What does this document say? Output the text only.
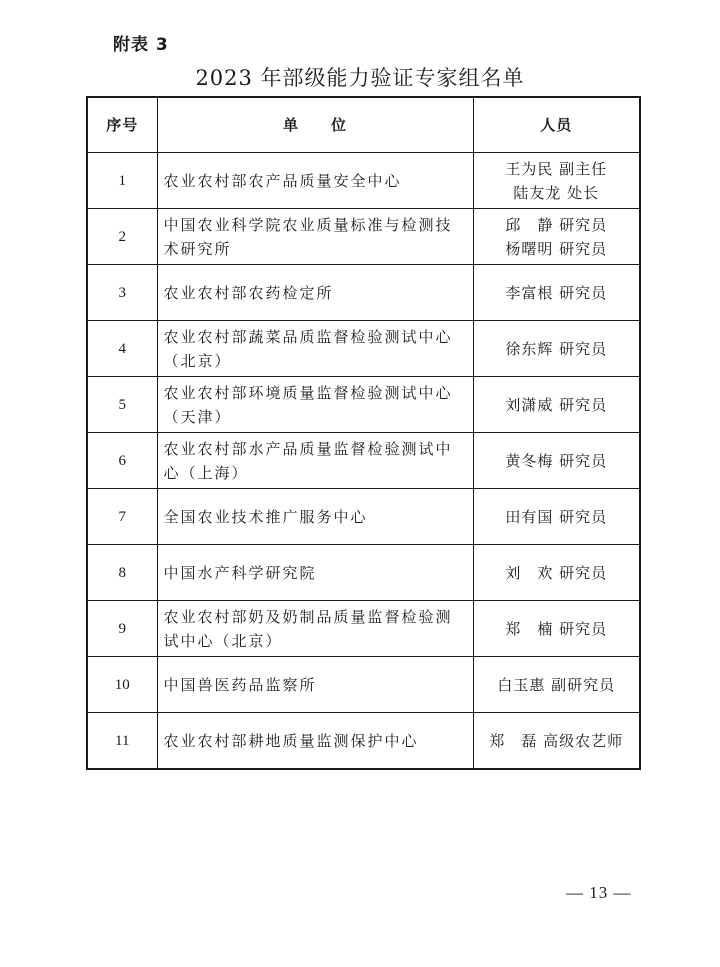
附表 3
2023 年部级能力验证专家组名单
序号	单　　位	人员
1	农业农村部农产品质量安全中心	王为民 副主任
陆友龙 处长

2	中国农业科学院农业质量标准与检测技
术研究所	邱　静 研究员
杨曙明 研究员

3	农业农村部农药检定所	李富根 研究员

4	农业农村部蔬菜品质监督检验测试中心
（北京）	徐东辉 研究员

5	农业农村部环境质量监督检验测试中心
（天津）	刘潇威 研究员

6	农业农村部水产品质量监督检验测试中
心（上海）	黄冬梅 研究员

7	全国农业技术推广服务中心	田有国 研究员

8	中国水产科学研究院	刘　欢 研究员

9	农业农村部奶及奶制品质量监督检验测
试中心（北京）	郑　楠 研究员

10	中国兽医药品监察所	白玉惠 副研究员

11	农业农村部耕地质量监测保护中心	郑　磊 高级农艺师
— 13 —
